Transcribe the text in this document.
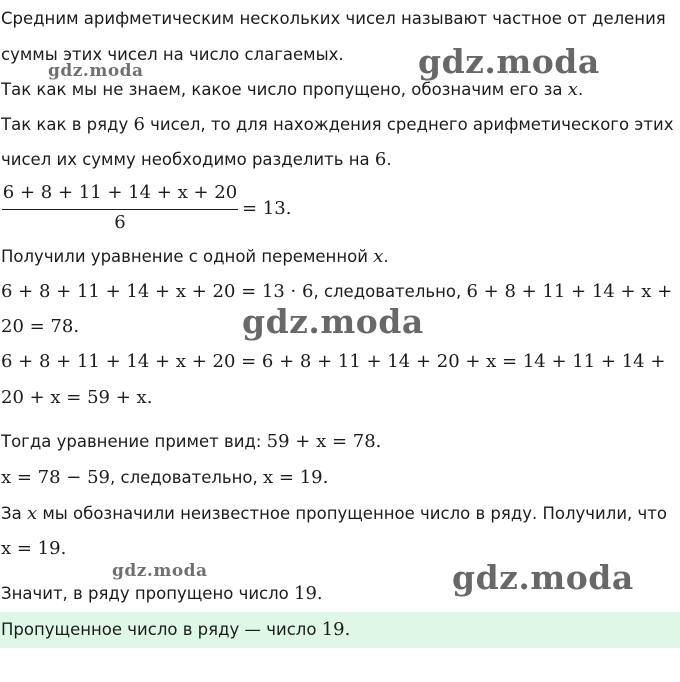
Средним арифметическим нескольких чисел называют частное от деления
суммы этих чисел на число слагаемых.
Так как мы не знаем, какое число пропущено, обозначим его за x.
Так как в ряду 6 чисел, то для нахождения среднего арифметического этих
чисел их сумму необходимо разделить на 6.
6 + 8 + 11 + 14 + x + 20
6
= 13.
Получили уравнение с одной переменной x.
6 + 8 + 11 + 14 + x + 20 = 13 · 6, следовательно, 6 + 8 + 11 + 14 + x +
20 = 78.
6 + 8 + 11 + 14 + x + 20 = 6 + 8 + 11 + 14 + 20 + x = 14 + 11 + 14 +
20 + x = 59 + x.
Тогда уравнение примет вид: 59 + x = 78.
x = 78 − 59, следовательно, x = 19.
За x мы обозначили неизвестное пропущенное число в ряду. Получили, что
x = 19.
Значит, в ряду пропущено число 19.
Пропущенное число в ряду — число 19.
gdz.moda
gdz.moda
gdz.moda
gdz.moda	gdz.moda
